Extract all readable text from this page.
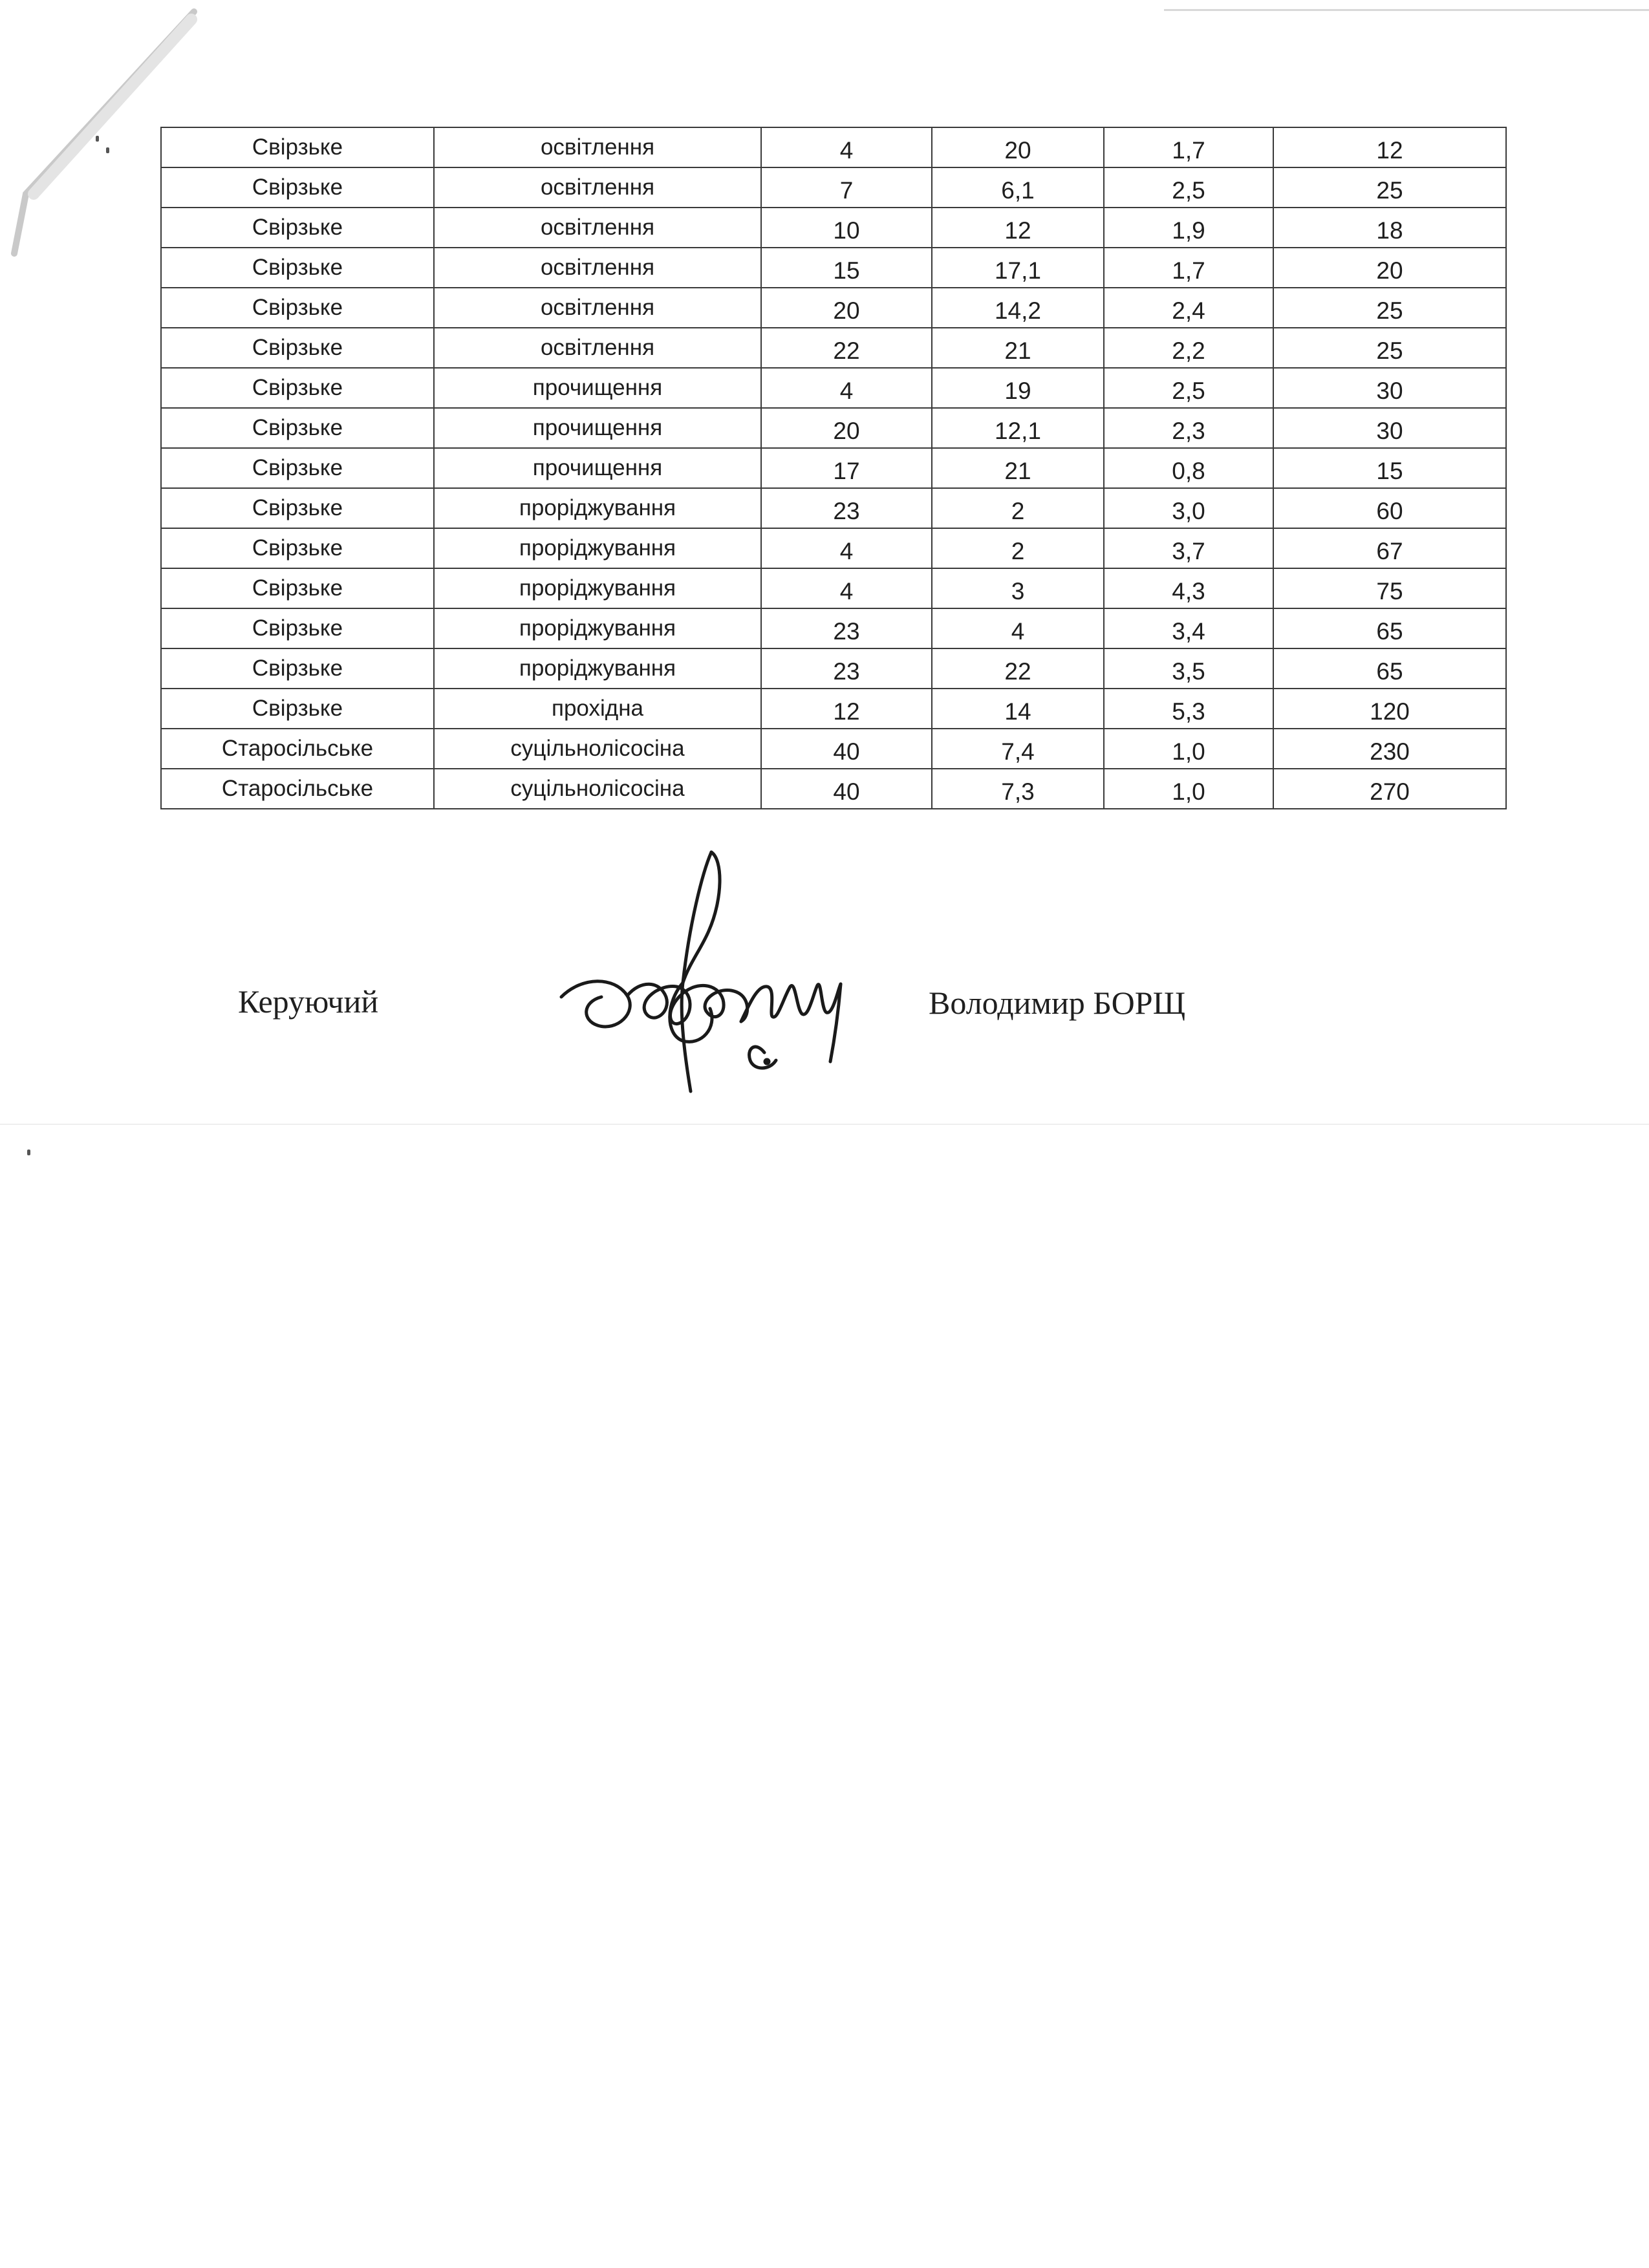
Свірзьке	освітлення	4	20	1,7	12
Свірзьке	освітлення	7	6,1	2,5	25
Свірзьке	освітлення	10	12	1,9	18
Свірзьке	освітлення	15	17,1	1,7	20
Свірзьке	освітлення	20	14,2	2,4	25
Свірзьке	освітлення	22	21	2,2	25
Свірзьке	прочищення	4	19	2,5	30
Свірзьке	прочищення	20	12,1	2,3	30
Свірзьке	прочищення	17	21	0,8	15
Свірзьке	проріджування	23	2	3,0	60
Свірзьке	проріджування	4	2	3,7	67
Свірзьке	проріджування	4	3	4,3	75
Свірзьке	проріджування	23	4	3,4	65
Свірзьке	проріджування	23	22	3,5	65
Свірзьке	прохідна	12	14	5,3	120
Старосільське	суцільнолісосіна	40	7,4	1,0	230
Старосільське	суцільнолісосіна	40	7,3	1,0	270
Керуючий	Володимир БОРЩ
